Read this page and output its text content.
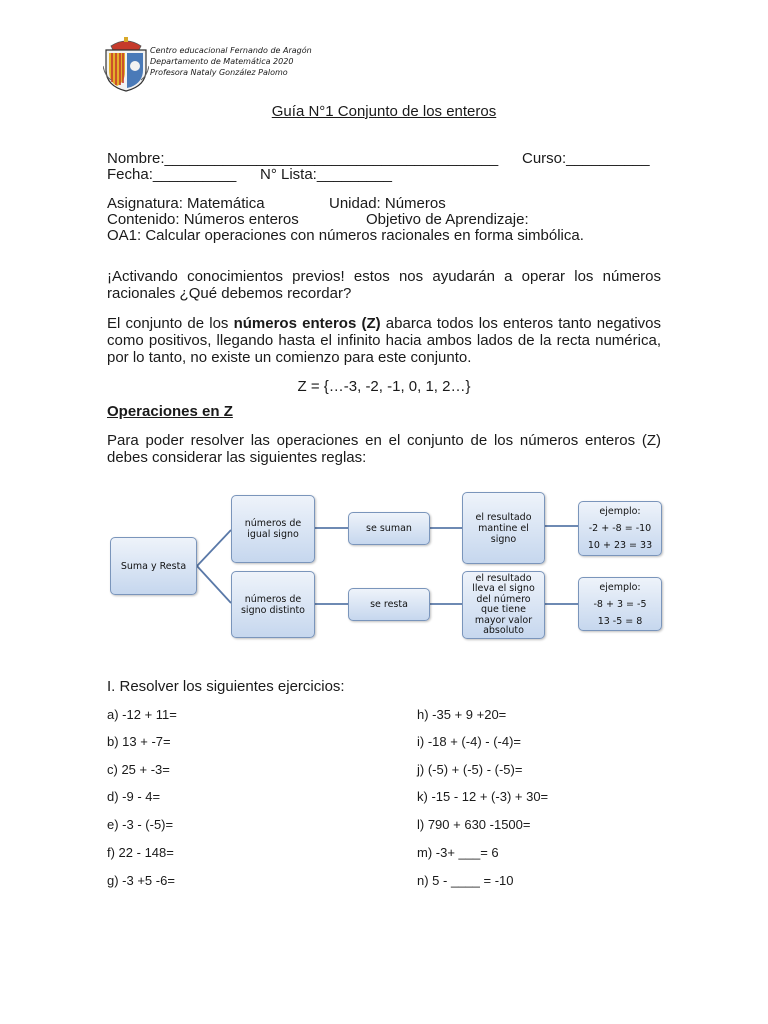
Centro educacional Fernando de Aragón
Departamento de Matemática 2020
Profesora Nataly González Palomo
Guía N°1 Conjunto de los enteros
Nombre:________________________________________ Curso:__________
Fecha:__________ N° Lista:_________
Asignatura: Matemática	Unidad: Números
Contenido: Números enteros	Objetivo de Aprendizaje:
OA1: Calcular operaciones con números racionales en forma simbólica.
¡Activando conocimientos previos! estos nos ayudarán a operar los números racionales ¿Qué debemos recordar?
El conjunto de los números enteros (Z) abarca todos los enteros tanto negativos como positivos, llegando hasta el infinito hacia ambos lados de la recta numérica, por lo tanto, no existe un comienzo para este conjunto.
Z = {…-3, -2, -1, 0, 1, 2…}
Operaciones en Z
Para poder resolver las operaciones en el conjunto de los números enteros (Z) debes considerar las siguientes reglas:
Suma y Resta
números de
igual signo
se suman
el resultado
mantine el
signo
ejemplo:
-2 + -8 = -10
10 + 23 = 33
números de
signo distinto	se resta
el resultado
lleva el signo
del número
que tiene
mayor valor
absoluto
ejemplo:
-8 + 3 = -5
13 -5 = 8
I. Resolver los siguientes ejercicios:
a) -12 + 11=
b) 13 + -7=
c) 25 + -3=
d) -9 - 4=
e) -3 - (-5)=
f) 22 - 148=
g) -3 +5 -6=
h) -35 + 9 +20=
i) -18 + (-4) - (-4)=
j) (-5) + (-5) - (-5)=
k) -15 - 12 + (-3) + 30=
l) 790 + 630 -1500=
m) -3+ ___= 6
n) 5 - ____ = -10
